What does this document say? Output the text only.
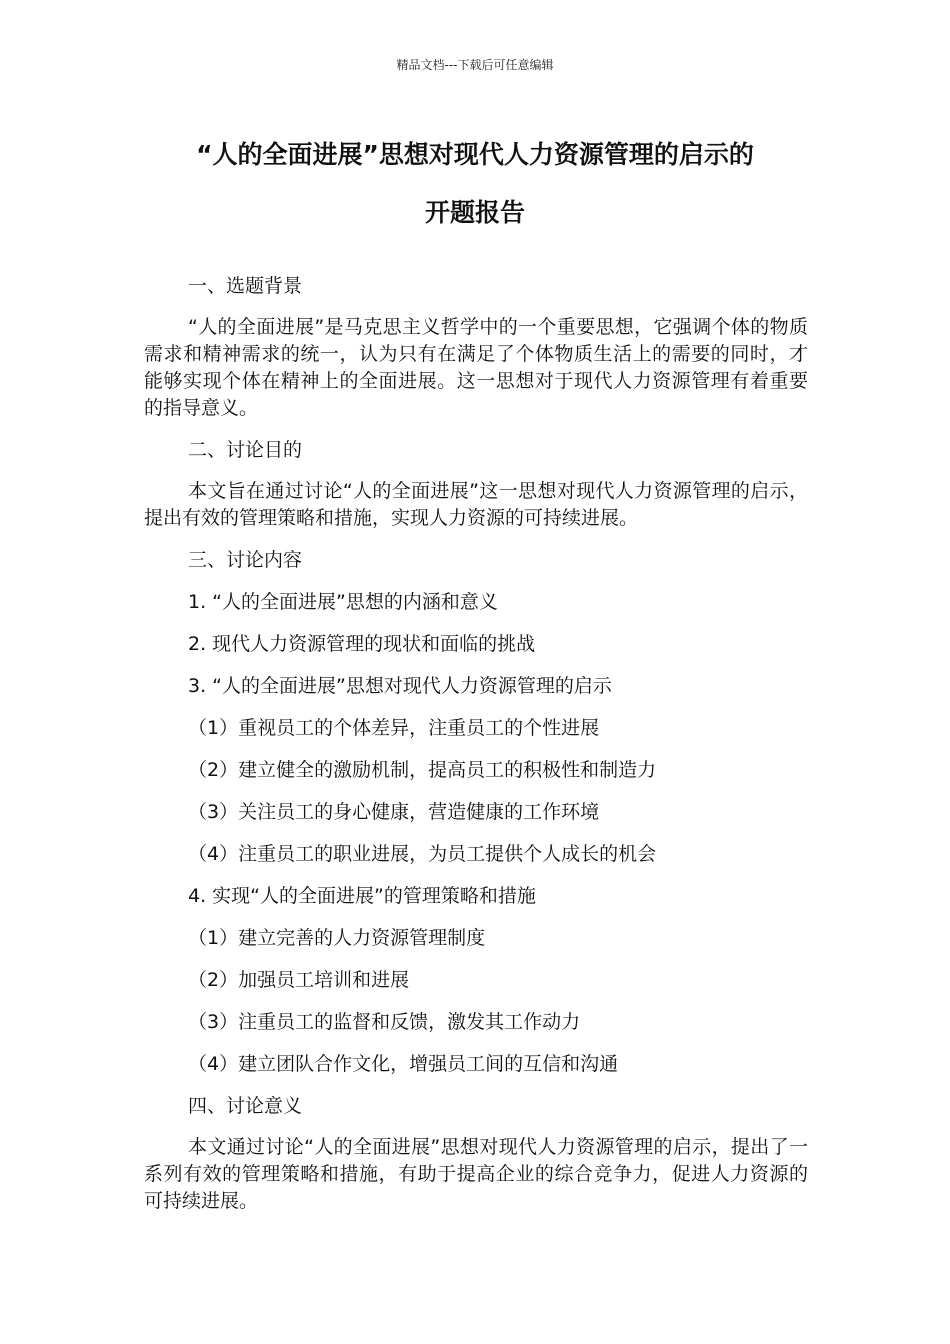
精品文档---下载后可任意编辑
“人的全面进展”思想对现代人力资源管理的启示的
开题报告
一、选题背景

“人的全面进展”是马克思主义哲学中的一个重要思想，它强调个体的物质需求和精神需求的统一，认为只有在满足了个体物质生活上的需要的同时，才能够实现个体在精神上的全面进展。这一思想对于现代人力资源管理有着重要的指导意义。

二、讨论目的

本文旨在通过讨论“人的全面进展”这一思想对现代人力资源管理的启示，提出有效的管理策略和措施，实现人力资源的可持续进展。

三、讨论内容
1. “人的全面进展”思想的内涵和意义
2. 现代人力资源管理的现状和面临的挑战
3. “人的全面进展”思想对现代人力资源管理的启示
（1）重视员工的个体差异，注重员工的个性进展
（2）建立健全的激励机制，提高员工的积极性和制造力
（3）关注员工的身心健康，营造健康的工作环境
（4）注重员工的职业进展，为员工提供个人成长的机会
4. 实现“人的全面进展”的管理策略和措施
（1）建立完善的人力资源管理制度
（2）加强员工培训和进展
（3）注重员工的监督和反馈，激发其工作动力
（4）建立团队合作文化，增强员工间的互信和沟通
四、讨论意义

本文通过讨论“人的全面进展”思想对现代人力资源管理的启示，提出了一系列有效的管理策略和措施，有助于提高企业的综合竞争力，促进人力资源的可持续进展。
